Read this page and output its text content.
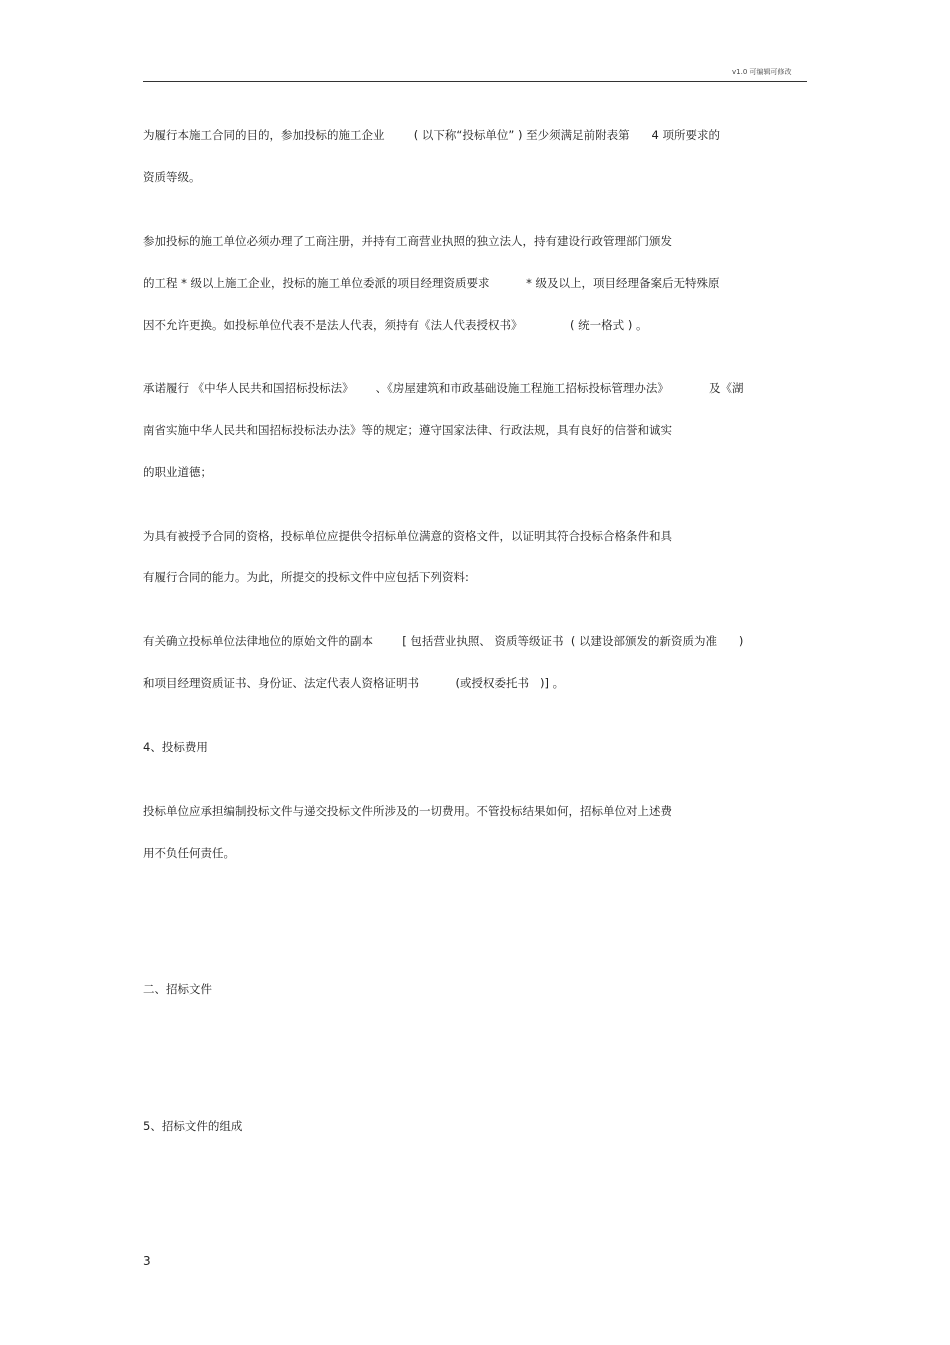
v1.0 可编辑可修改
为履行本施工合同的目的，参加投标的施工企业        ( 以下称“投标单位” ) 至少须满足前附表第      4 项所要求的
资质等级。
参加投标的施工单位必须办理了工商注册，并持有工商营业执照的独立法人，持有建设行政管理部门颁发
的工程 * 级以上施工企业，投标的施工单位委派的项目经理资质要求          * 级及以上，项目经理备案后无特殊原
因不允许更换。如投标单位代表不是法人代表，须持有《法人代表授权书》             ( 统一格式 ) 。
承诺履行 《中华人民共和国招标投标法》      、《房屋建筑和市政基础设施工程施工招标投标管理办法》           及《湖
南省实施中华人民共和国招标投标法办法》等的规定；遵守国家法律、行政法规，具有良好的信誉和诚实
的职业道德；
为具有被授予合同的资格，投标单位应提供令招标单位满意的资格文件，以证明其符合投标合格条件和具
有履行合同的能力。为此，所提交的投标文件中应包括下列资料:
有关确立投标单位法律地位的原始文件的副本        [ 包括营业执照、 资质等级证书  ( 以建设部颁发的新资质为准      )
和项目经理资质证书、身份证、法定代表人资格证明书          (或授权委托书   )] 。
4、投标费用
投标单位应承担编制投标文件与递交投标文件所涉及的一切费用。不管投标结果如何，招标单位对上述费
用不负任何责任。
二、招标文件
5、招标文件的组成
3
